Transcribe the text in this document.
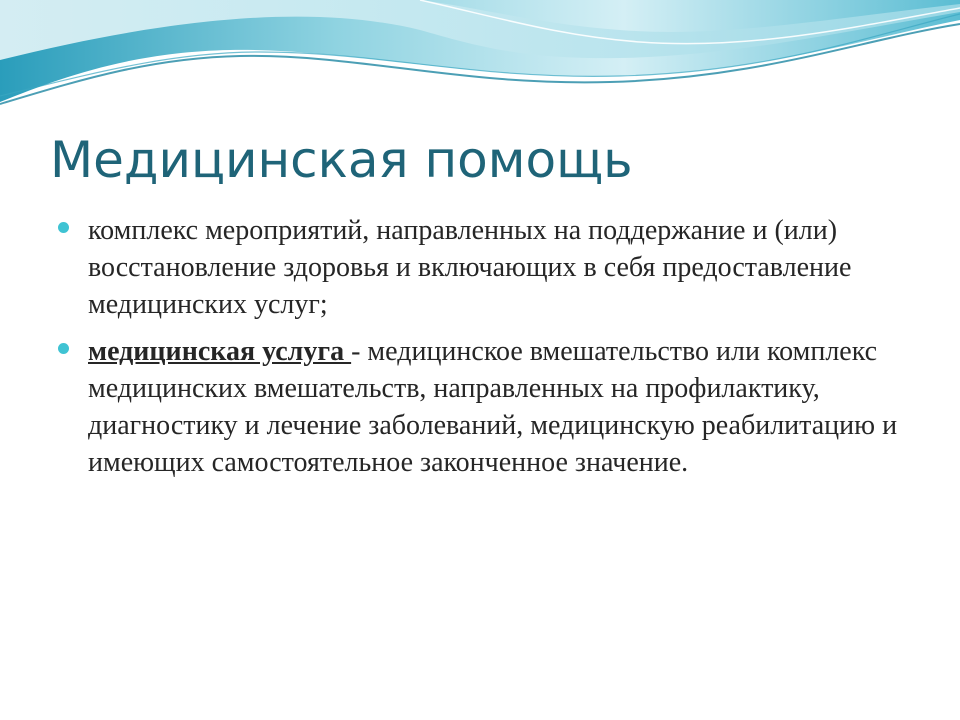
Медицинская помощь
комплекс мероприятий, направленных на поддержание и (или) восстановление здоровья и включающих в себя предоставление медицинских услуг;
медицинская услуга - медицинское вмешательство или комплекс медицинских вмешательств, направленных на профилактику, диагностику и лечение заболеваний, медицинскую реабилитацию и имеющих самостоятельное законченное значение.
